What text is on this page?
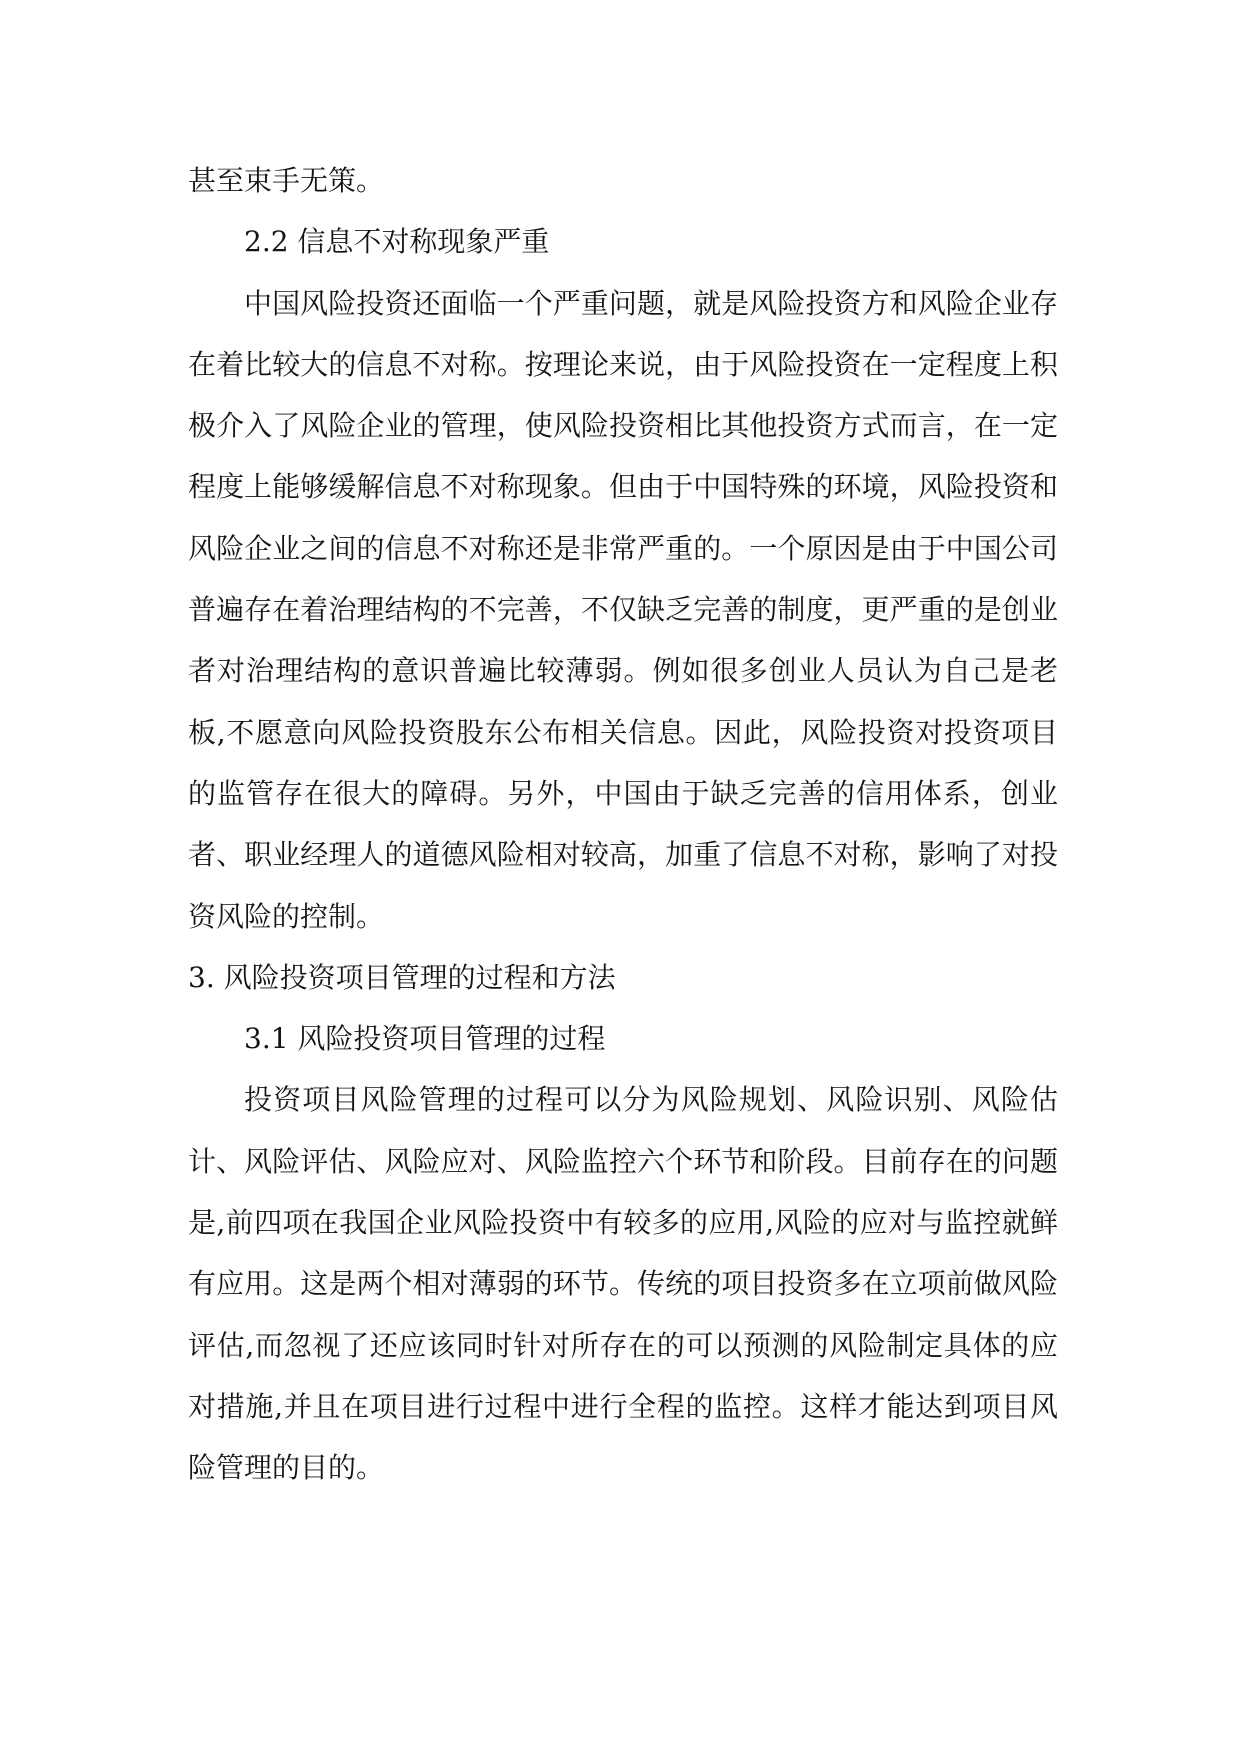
甚至束手无策。

2.2 信息不对称现象严重

中国风险投资还面临一个严重问题，就是风险投资方和风险企业存在着比较大的信息不对称。按理论来说，由于风险投资在一定程度上积极介入了风险企业的管理，使风险投资相比其他投资方式而言，在一定程度上能够缓解信息不对称现象。但由于中国特殊的环境，风险投资和风险企业之间的信息不对称还是非常严重的。一个原因是由于中国公司普遍存在着治理结构的不完善，不仅缺乏完善的制度，更严重的是创业者对治理结构的意识普遍比较薄弱。例如很多创业人员认为自己是老板,不愿意向风险投资股东公布相关信息。因此，风险投资对投资项目的监管存在很大的障碍。另外，中国由于缺乏完善的信用体系，创业者、职业经理人的道德风险相对较高，加重了信息不对称，影响了对投资风险的控制。

3. 风险投资项目管理的过程和方法

3.1 风险投资项目管理的过程

投资项目风险管理的过程可以分为风险规划、风险识别、风险估计、风险评估、风险应对、风险监控六个环节和阶段。目前存在的问题是,前四项在我国企业风险投资中有较多的应用,风险的应对与监控就鲜有应用。这是两个相对薄弱的环节。传统的项目投资多在立项前做风险评估,而忽视了还应该同时针对所存在的可以预测的风险制定具体的应对措施,并且在项目进行过程中进行全程的监控。这样才能达到项目风险管理的目的。
